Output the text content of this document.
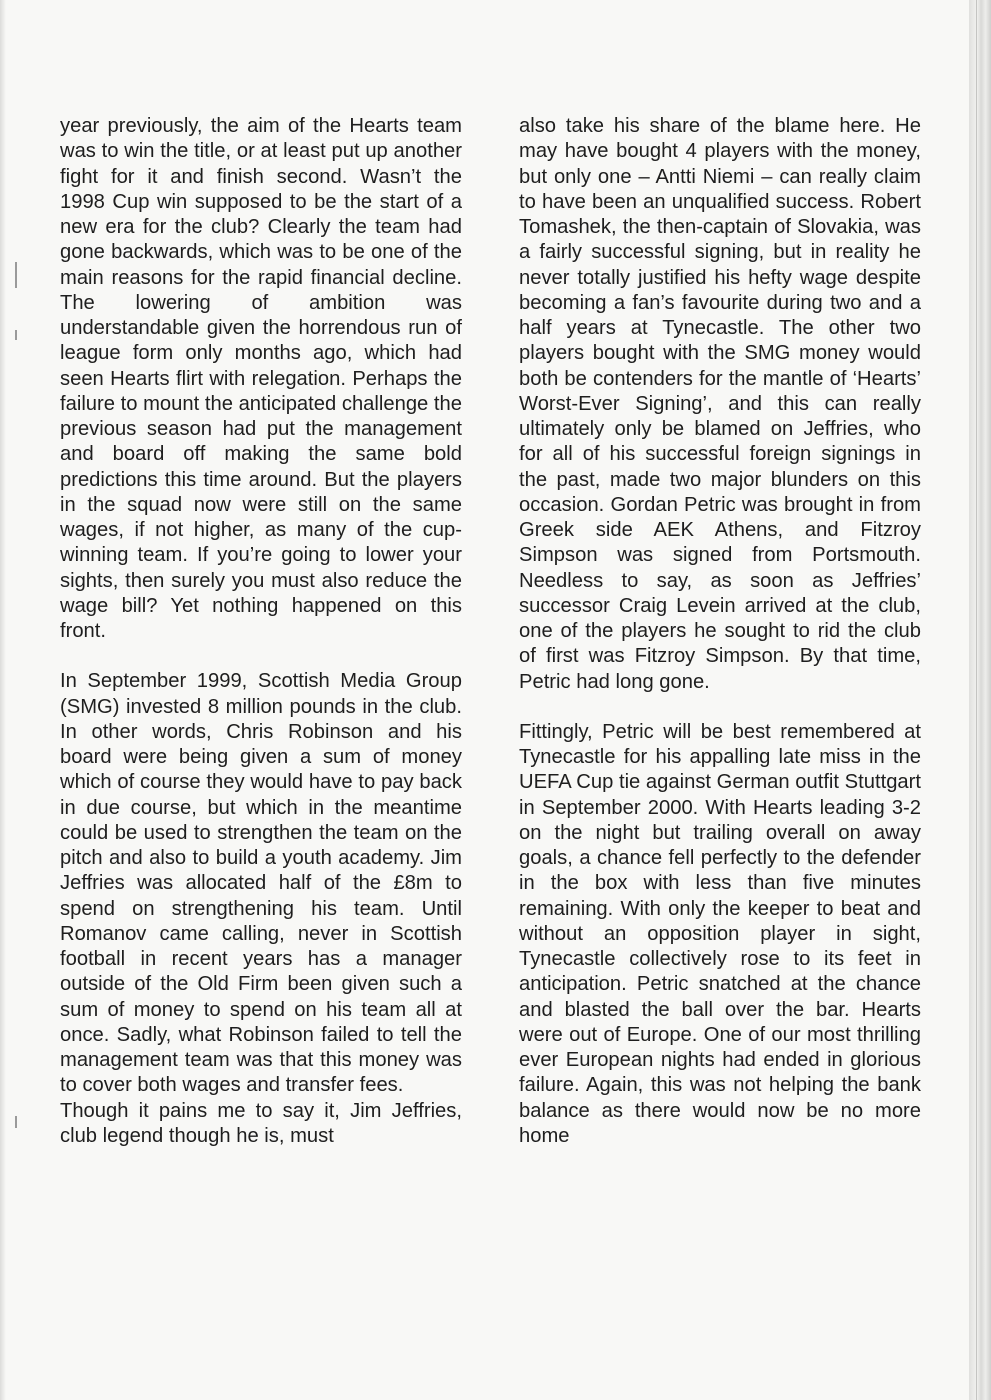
year previously, the aim of the Hearts team was to win the title, or at least put up another fight for it and finish second. Wasn’t the 1998 Cup win supposed to be the start of a new era for the club? Clearly the team had gone backwards, which was to be one of the main reasons for the rapid financial decline. The lowering of ambition was understandable given the horrendous run of league form only months ago, which had seen Hearts flirt with relegation. Perhaps the failure to mount the anticipated challenge the previous season had put the management and board off making the same bold predictions this time around. But the players in the squad now were still on the same wages, if not higher, as many of the cup-winning team. If you’re going to lower your sights, then surely you must also reduce the wage bill? Yet nothing happened on this front.

In September 1999, Scottish Media Group (SMG) invested 8 million pounds in the club. In other words, Chris Robinson and his board were being given a sum of money which of course they would have to pay back in due course, but which in the meantime could be used to strengthen the team on the pitch and also to build a youth academy. Jim Jeffries was allocated half of the £8m to spend on strengthening his team. Until Romanov came calling, never in Scottish football in recent years has a manager outside of the Old Firm been given such a sum of money to spend on his team all at once. Sadly, what Robinson failed to tell the management team was that this money was to cover both wages and transfer fees.

Though it pains me to say it, Jim Jeffries, club legend though he is, must

also take his share of the blame here. He may have bought 4 players with the money, but only one – Antti Niemi – can really claim to have been an unqualified success. Robert Tomashek, the then-captain of Slovakia, was a fairly successful signing, but in reality he never totally justified his hefty wage despite becoming a fan’s favourite during two and a half years at Tynecastle. The other two players bought with the SMG money would both be contenders for the mantle of ‘Hearts’ Worst-Ever Signing’, and this can really ultimately only be blamed on Jeffries, who for all of his successful foreign signings in the past, made two major blunders on this occasion. Gordan Petric was brought in from Greek side AEK Athens, and Fitzroy Simpson was signed from Portsmouth. Needless to say, as soon as Jeffries’ successor Craig Levein arrived at the club, one of the players he sought to rid the club of first was Fitzroy Simpson. By that time, Petric had long gone.

Fittingly, Petric will be best remembered at Tynecastle for his appalling late miss in the UEFA Cup tie against German outfit Stuttgart in September 2000. With Hearts leading 3-2 on the night but trailing overall on away goals, a chance fell perfectly to the defender in the box with less than five minutes remaining. With only the keeper to beat and without an opposition player in sight, Tynecastle collectively rose to its feet in anticipation. Petric snatched at the chance and blasted the ball over the bar. Hearts were out of Europe. One of our most thrilling ever European nights had ended in glorious failure. Again, this was not helping the bank balance as there would now be no more home
